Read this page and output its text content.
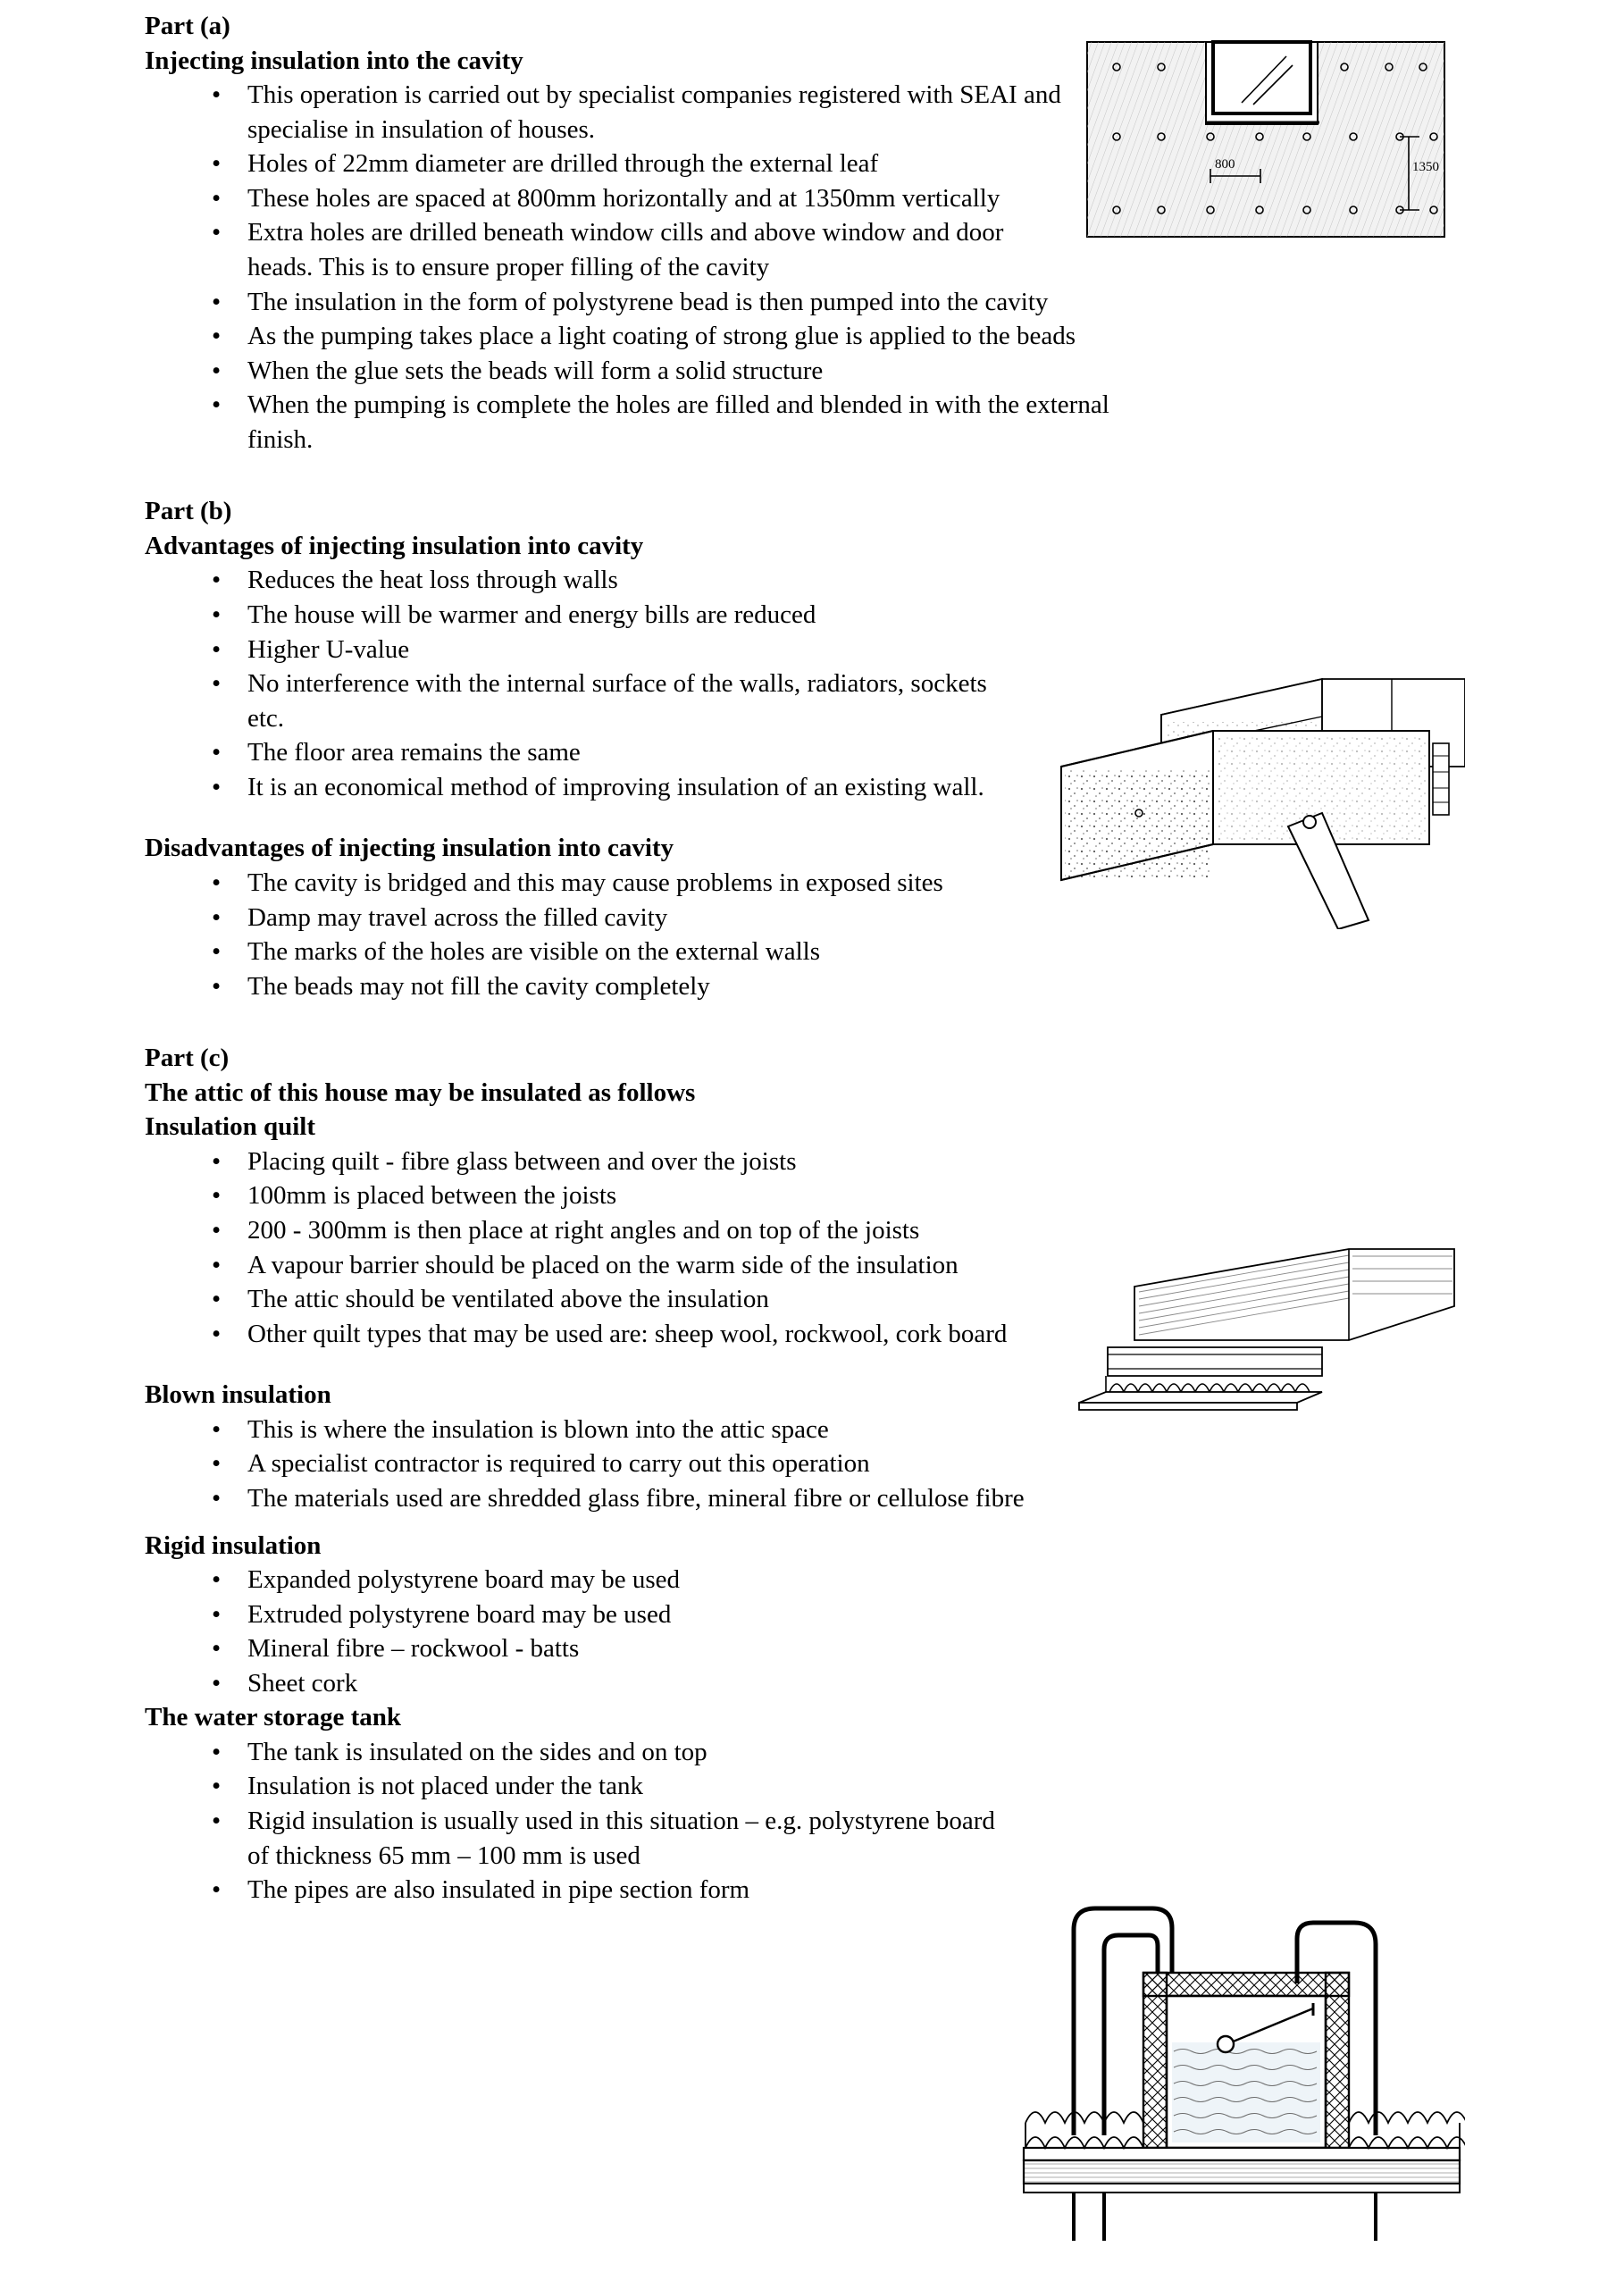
Part (a)
Injecting insulation into the cavity
• This operation is carried out by specialist companies registered with SEAI and specialise in insulation of houses.
• Holes of 22mm diameter are drilled through the external leaf
• These holes are spaced at 800mm horizontally and at 1350mm vertically
• Extra holes are drilled beneath window cills and above window and door heads. This is to ensure proper filling of the cavity
• The insulation in the form of polystyrene bead is then pumped into the cavity
• As the pumping takes place a light coating of strong glue is applied to the beads
• When the glue sets the beads will form a solid structure
• When the pumping is complete the holes are filled and blended in with the external finish.
Part (b)
Advantages of injecting insulation into cavity
• Reduces the heat loss through walls
• The house will be warmer and energy bills are reduced
• Higher U-value
• No interference with the internal surface of the walls, radiators, sockets etc.
• The floor area remains the same
• It is an economical method of improving insulation of an existing wall.
Disadvantages of injecting insulation into cavity
• The cavity is bridged and this may cause problems in exposed sites
• Damp may travel across the filled cavity
• The marks of the holes are visible on the external walls
• The beads may not fill the cavity completely
Part (c)
The attic of this house may be insulated as follows
Insulation quilt
• Placing quilt - fibre glass between and over the joists
• 100mm is placed between the joists
• 200 - 300mm is then place at right angles and on top of the joists
• A vapour barrier should be placed on the warm side of the insulation
• The attic should be ventilated above the insulation
• Other quilt types that may be used are: sheep wool, rockwool, cork board
Blown insulation
• This is where the insulation is blown into the attic space
• A specialist contractor is required to carry out this operation
• The materials used are shredded glass fibre, mineral fibre or cellulose fibre
Rigid insulation
• Expanded polystyrene board may be used
• Extruded polystyrene board may be used
• Mineral fibre – rockwool - batts
• Sheet cork
The water storage tank
• The tank is insulated on the sides and on top
• Insulation is not placed under the tank
• Rigid insulation is usually used in this situation – e.g. polystyrene board of thickness 65 mm – 100 mm is used
• The pipes are also insulated in pipe section form
800	1350
